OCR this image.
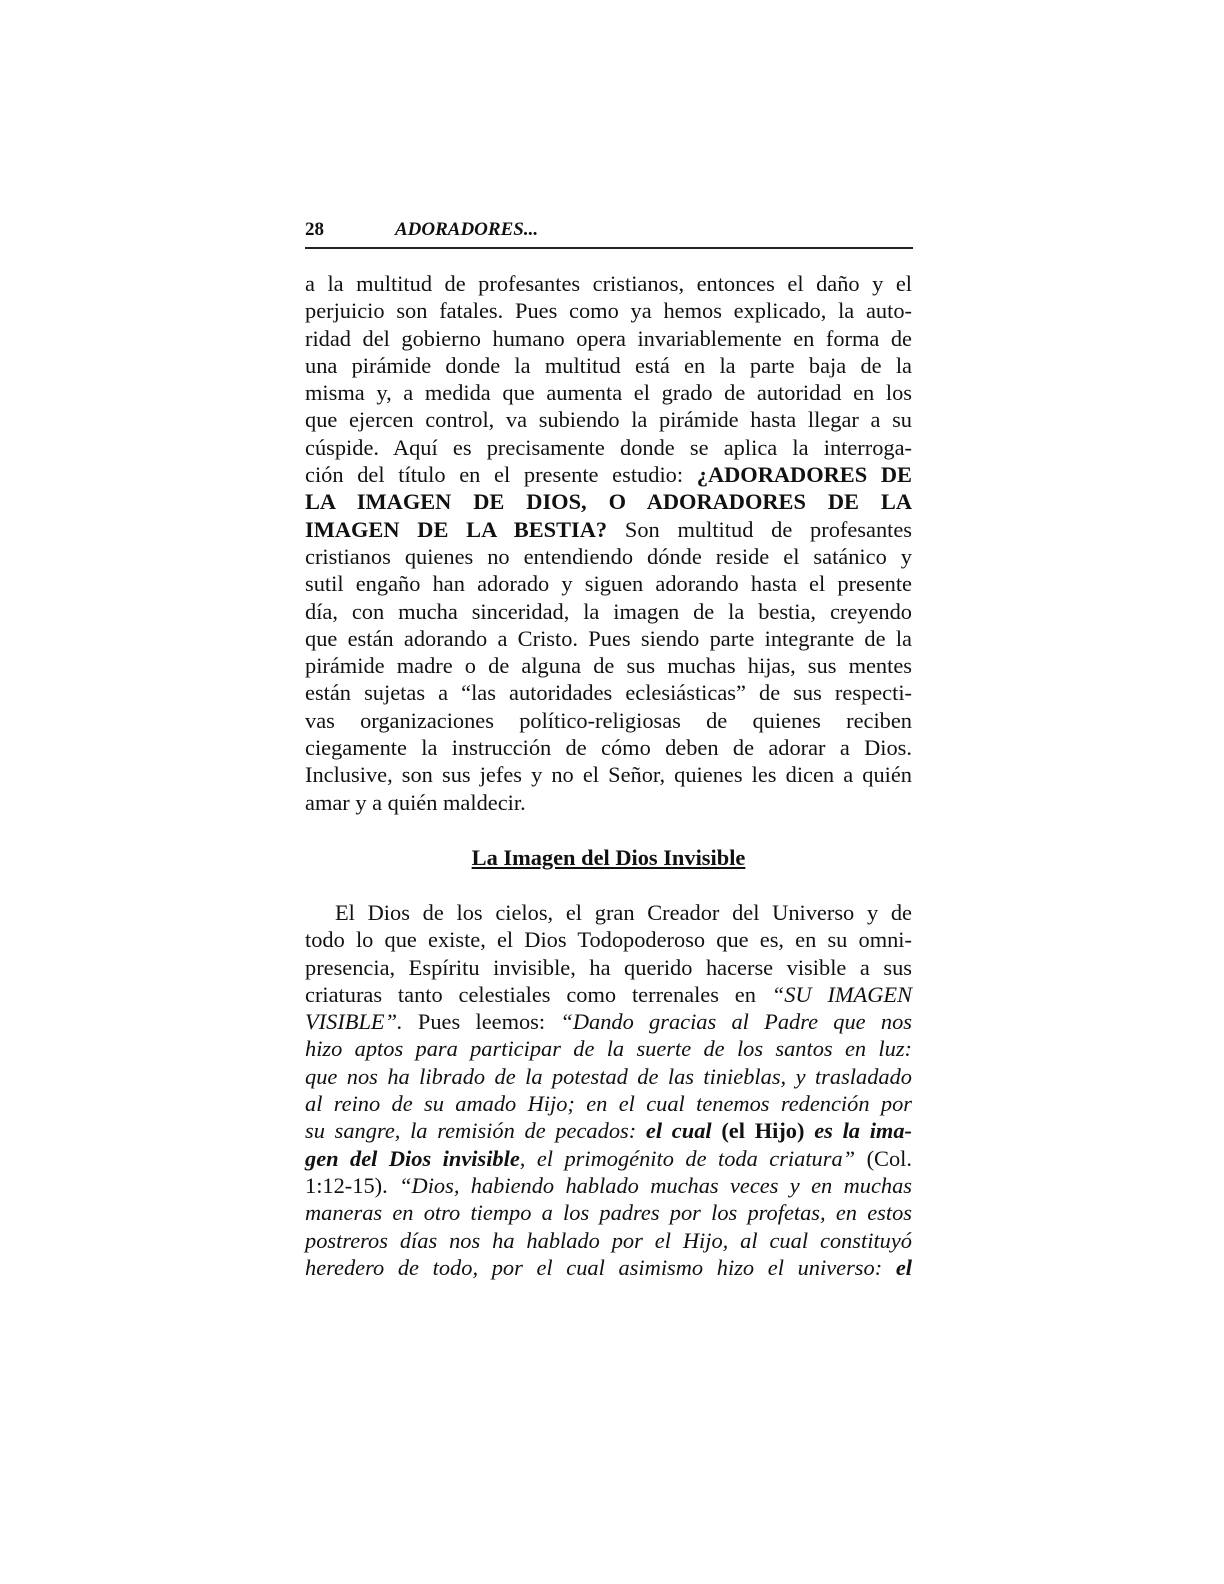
28	ADORADORES...
a la multitud de profesantes cristianos, entonces el daño y el
perjuicio son fatales. Pues como ya hemos explicado, la auto-
ridad del gobierno humano opera invariablemente en forma de
una pirámide donde la multitud está en la parte baja de la
misma y, a medida que aumenta el grado de autoridad en los
que ejercen control, va subiendo la pirámide hasta llegar a su
cúspide. Aquí es precisamente donde se aplica la interroga-
ción del título en el presente estudio: ¿ADORADORES DE
LA IMAGEN DE DIOS, O ADORADORES DE LA
IMAGEN DE LA BESTIA? Son multitud de profesantes
cristianos quienes no entendiendo dónde reside el satánico y
sutil engaño han adorado y siguen adorando hasta el presente
día, con mucha sinceridad, la imagen de la bestia, creyendo
que están adorando a Cristo. Pues siendo parte integrante de la
pirámide madre o de alguna de sus muchas hijas, sus mentes
están sujetas a “las autoridades eclesiásticas” de sus respecti-
vas organizaciones político-religiosas de quienes reciben
ciegamente la instrucción de cómo deben de adorar a Dios.
Inclusive, son sus jefes y no el Señor, quienes les dicen a quién
amar y a quién maldecir.
La Imagen del Dios Invisible
El Dios de los cielos, el gran Creador del Universo y de
todo lo que existe, el Dios Todopoderoso que es, en su omni-
presencia, Espíritu invisible, ha querido hacerse visible a sus
criaturas tanto celestiales como terrenales en “SU IMAGEN
VISIBLE”. Pues leemos: “Dando gracias al Padre que nos
hizo aptos para participar de la suerte de los santos en luz:
que nos ha librado de la potestad de las tinieblas, y trasladado
al reino de su amado Hijo; en el cual tenemos redención por
su sangre, la remisión de pecados: el cual (el Hijo) es la ima-
gen del Dios invisible, el primogénito de toda criatura” (Col.
1:12-15). “Dios, habiendo hablado muchas veces y en muchas
maneras en otro tiempo a los padres por los profetas, en estos
postreros días nos ha hablado por el Hijo, al cual constituyó
heredero de todo, por el cual asimismo hizo el universo: el
